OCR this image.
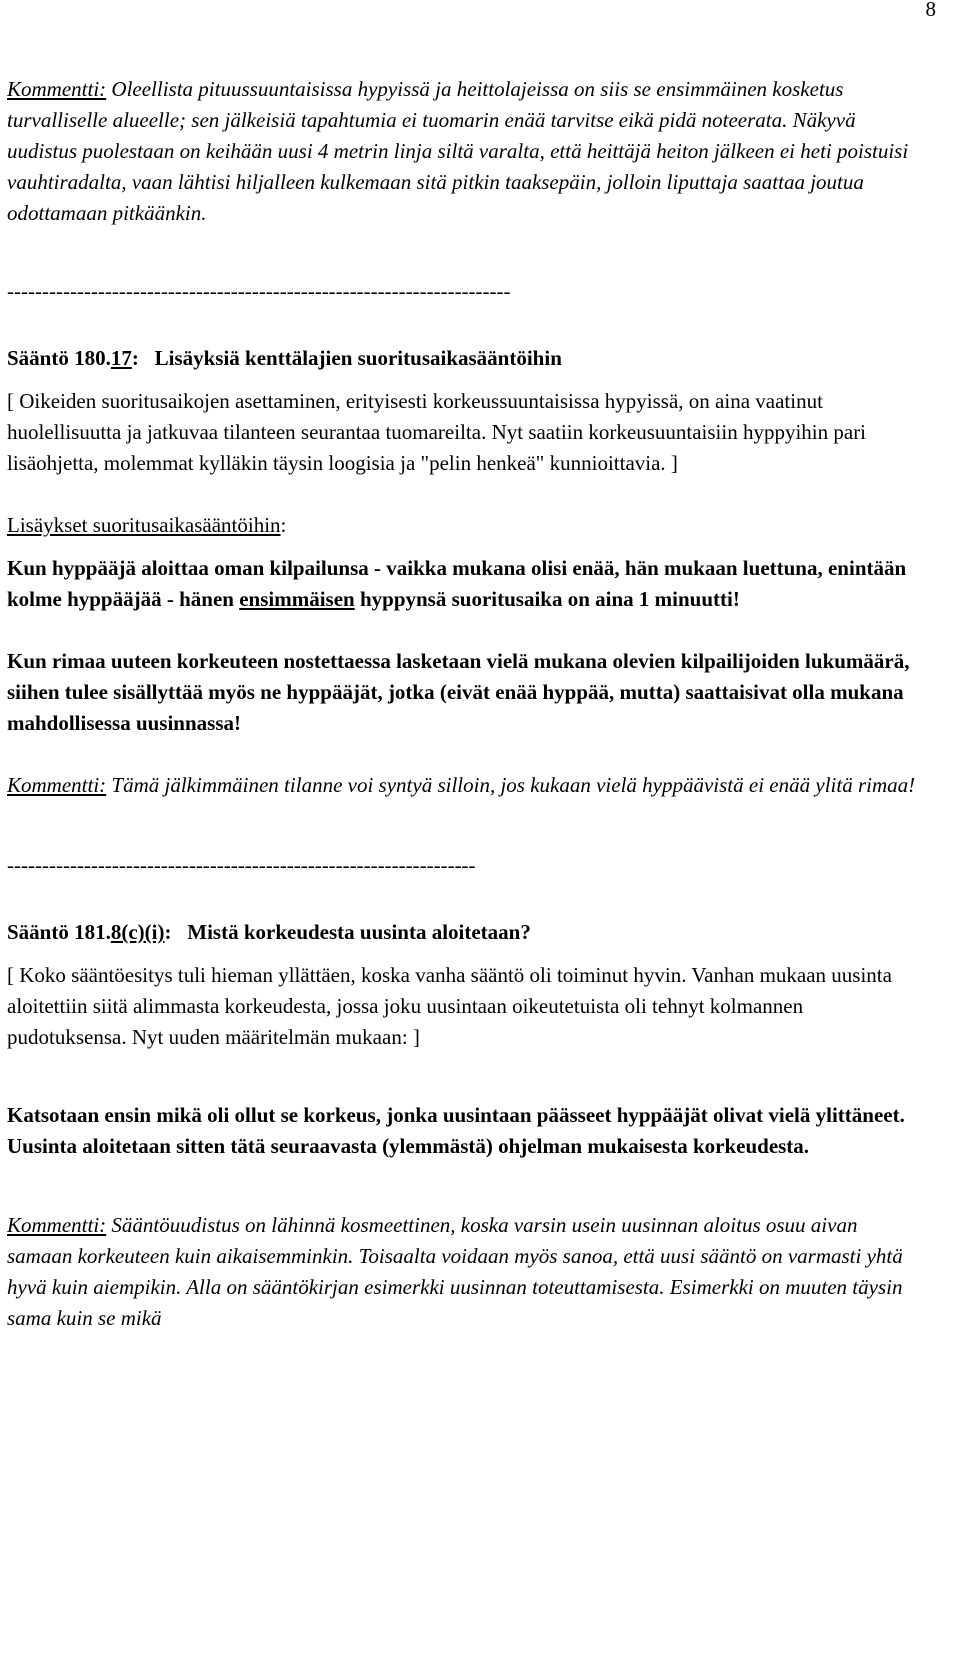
8

Kommentti: Oleellista pituussuuntaisissa hypyissä ja heittolajeissa on siis se ensimmäinen kosketus turvalliselle alueelle; sen jälkeisiä tapahtumia ei tuomarin enää tarvitse eikä pidä noteerata. Näkyvä uudistus puolestaan on keihään uusi 4 metrin linja siltä varalta, että heittäjä heiton jälkeen ei heti poistuisi vauhtiradalta, vaan lähtisi hiljalleen kulkemaan sitä pitkin taaksepäin, jolloin liputtaja saattaa joutua odottamaan pitkäänkin.

------------------------------------------------------------------------

Sääntö 180.17: Lisäyksiä kenttälajien suoritusaikasääntöihin

[ Oikeiden suoritusaikojen asettaminen, erityisesti korkeussuuntaisissa hypyissä, on aina vaatinut huolellisuutta ja jatkuvaa tilanteen seurantaa tuomareilta. Nyt saatiin korkeusuuntaisiin hyppyihin pari lisäohjetta, molemmat kylläkin täysin loogisia ja "pelin henkeä" kunnioittavia. ]

Lisäykset suoritusaikasääntöihin:

Kun hyppääjä aloittaa oman kilpailunsa - vaikka mukana olisi enää, hän mukaan luettuna, enintään kolme hyppääjää - hänen ensimmäisen hyppynsä suoritusaika on aina 1 minuutti!

Kun rimaa uuteen korkeuteen nostettaessa lasketaan vielä mukana olevien kilpailijoiden lukumäärä, siihen tulee sisällyttää myös ne hyppääjät, jotka (eivät enää hyppää, mutta) saattaisivat olla mukana mahdollisessa uusinnassa!

Kommentti: Tämä jälkimmäinen tilanne voi syntyä silloin, jos kukaan vielä hyppäävistä ei enää ylitä rimaa!

-------------------------------------------------------------------

Sääntö 181.8(c)(i): Mistä korkeudesta uusinta aloitetaan?

[ Koko sääntöesitys tuli hieman yllättäen, koska vanha sääntö oli toiminut hyvin. Vanhan mukaan uusinta aloitettiin siitä alimmasta korkeudesta, jossa joku uusintaan oikeutetuista oli tehnyt kolmannen pudotuksensa. Nyt uuden määritelmän mukaan: ]

Katsotaan ensin mikä oli ollut se korkeus, jonka uusintaan päässeet hyppääjät olivat vielä ylittäneet. Uusinta aloitetaan sitten tätä seuraavasta (ylemmästä) ohjelman mukaisesta korkeudesta.

Kommentti: Sääntöuudistus on lähinnä kosmeettinen, koska varsin usein uusinnan aloitus osuu aivan samaan korkeuteen kuin aikaisemminkin. Toisaalta voidaan myös sanoa, että uusi sääntö on varmasti yhtä hyvä kuin aiempikin. Alla on sääntökirjan esimerkki uusinnan toteuttamisesta. Esimerkki on muuten täysin sama kuin se mikä
